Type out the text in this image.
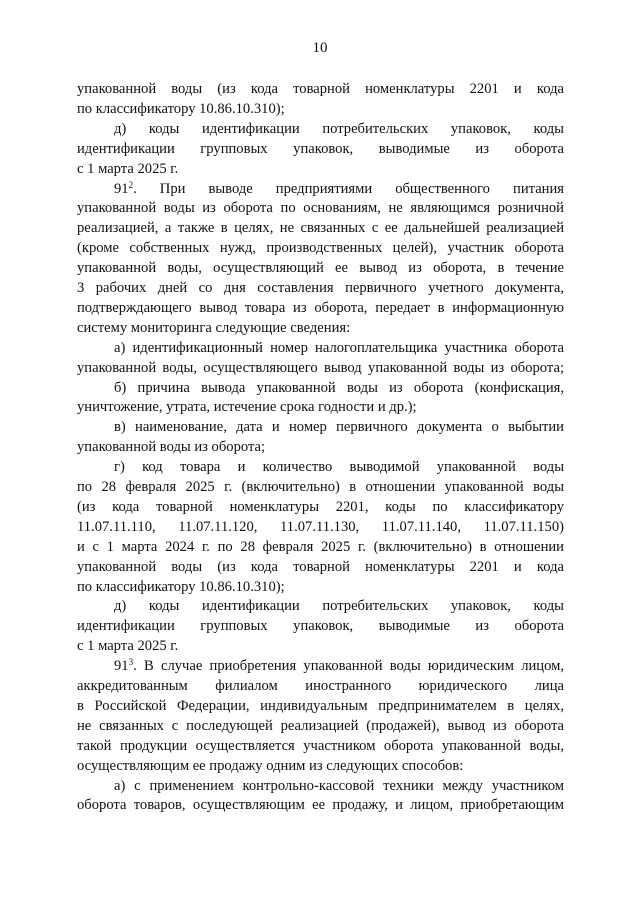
10
упакованной воды (из кода товарной номенклатуры 2201 и кода
по классификатору 10.86.10.310);
д) коды идентификации потребительских упаковок, коды
идентификации групповых упаковок, выводимые из оборота
с 1 марта 2025 г.
$91^2$. При выводе предприятиями общественного питания
упакованной воды из оборота по основаниям, не являющимся розничной
реализацией, а также в целях, не связанных с ее дальнейшей реализацией
(кроме собственных нужд, производственных целей), участник оборота
упакованной воды, осуществляющий ее вывод из оборота, в течение
3 рабочих дней со дня составления первичного учетного документа,
подтверждающего вывод товара из оборота, передает в информационную
систему мониторинга следующие сведения:
а) идентификационный номер налогоплательщика участника оборота
упакованной воды, осуществляющего вывод упакованной воды из оборота;
б) причина вывода упакованной воды из оборота (конфискация,
уничтожение, утрата, истечение срока годности и др.);
в) наименование, дата и номер первичного документа о выбытии
упакованной воды из оборота;
г) код товара и количество выводимой упакованной воды
по 28 февраля 2025 г. (включительно) в отношении упакованной воды
(из кода товарной номенклатуры 2201, коды по классификатору
11.07.11.110, 11.07.11.120, 11.07.11.130, 11.07.11.140, 11.07.11.150)
и с 1 марта 2024 г. по 28 февраля 2025 г. (включительно) в отношении
упакованной воды (из кода товарной номенклатуры 2201 и кода
по классификатору 10.86.10.310);
д) коды идентификации потребительских упаковок, коды
идентификации групповых упаковок, выводимые из оборота
с 1 марта 2025 г.
$91^3$. В случае приобретения упакованной воды юридическим лицом,
аккредитованным филиалом иностранного юридического лица
в Российской Федерации, индивидуальным предпринимателем в целях,
не связанных с последующей реализацией (продажей), вывод из оборота
такой продукции осуществляется участником оборота упакованной воды,
осуществляющим ее продажу одним из следующих способов:
а) с применением контрольно-кассовой техники между участником
оборота товаров, осуществляющим ее продажу, и лицом, приобретающим
